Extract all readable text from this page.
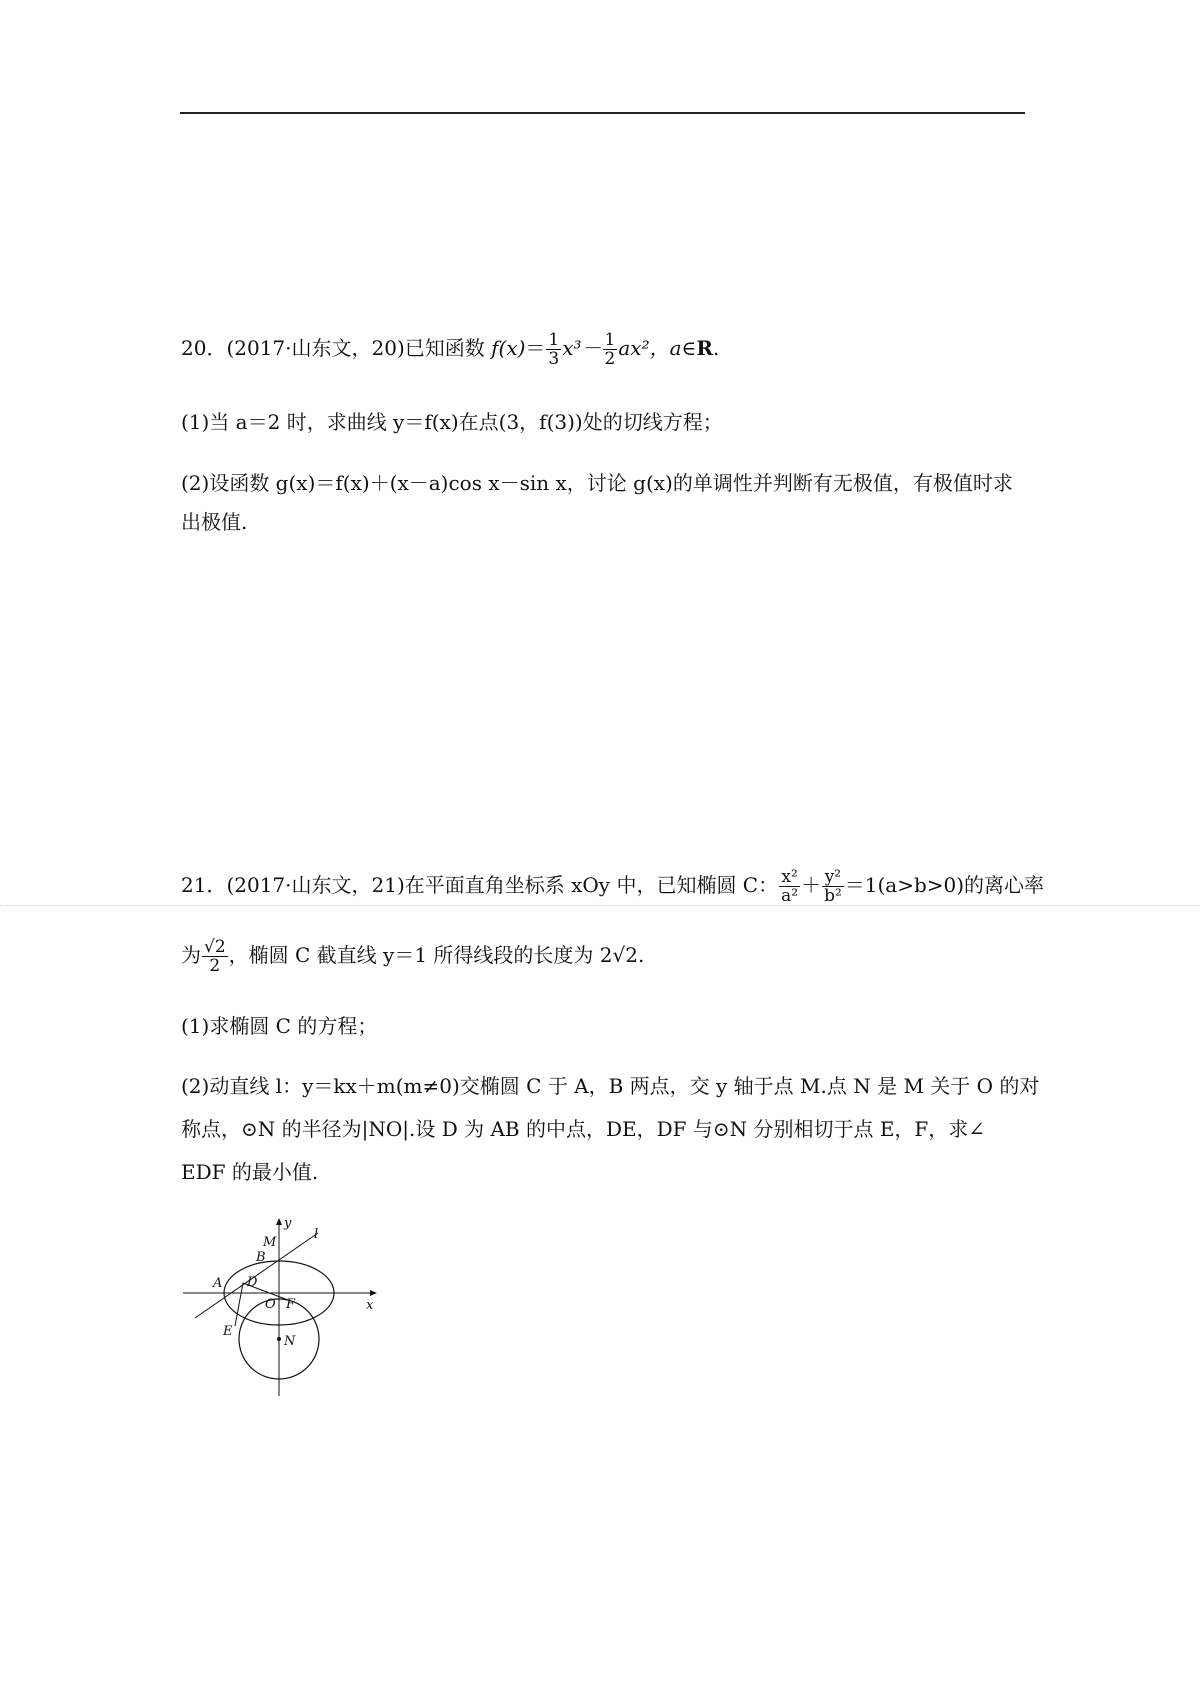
20．(2017·山东文，20)已知函数 $f(x)= \frac{1}{3} x^3- \frac{1}{2} ax^2$，a∈R.
(1)当 a＝2 时，求曲线 y＝f(x)在点(3，f(3))处的切线方程；
(2)设函数 g(x)＝f(x)＋(x－a)cos x－sin x，讨论 g(x)的单调性并判断有无极值，有极值时求
出极值.
21．(2017·山东文，21)在平面直角坐标系 xOy 中，已知椭圆 C： $\frac{\text{x²}}{\text{a²}} + \frac{\text{y²}}{\text{b²}} =1(a>b>0)$的离心率
为 $\frac{√2}{2}$ ，椭圆 C 截直线 y＝1 所得线段的长度为 2√2.
(1)求椭圆 C 的方程；
(2)动直线 l：y＝kx＋m(m≠0)交椭圆 C 于 A，B 两点，交 y 轴于点 M.点 N 是 M 关于 O 的对
称点，⊙N 的半径为|NO|.设 D 为 AB 的中点，DE，DF 与⊙N 分别相切于点 E，F，求∠
EDF 的最小值.
y
l
M
B
A D
O F	x
E
N
